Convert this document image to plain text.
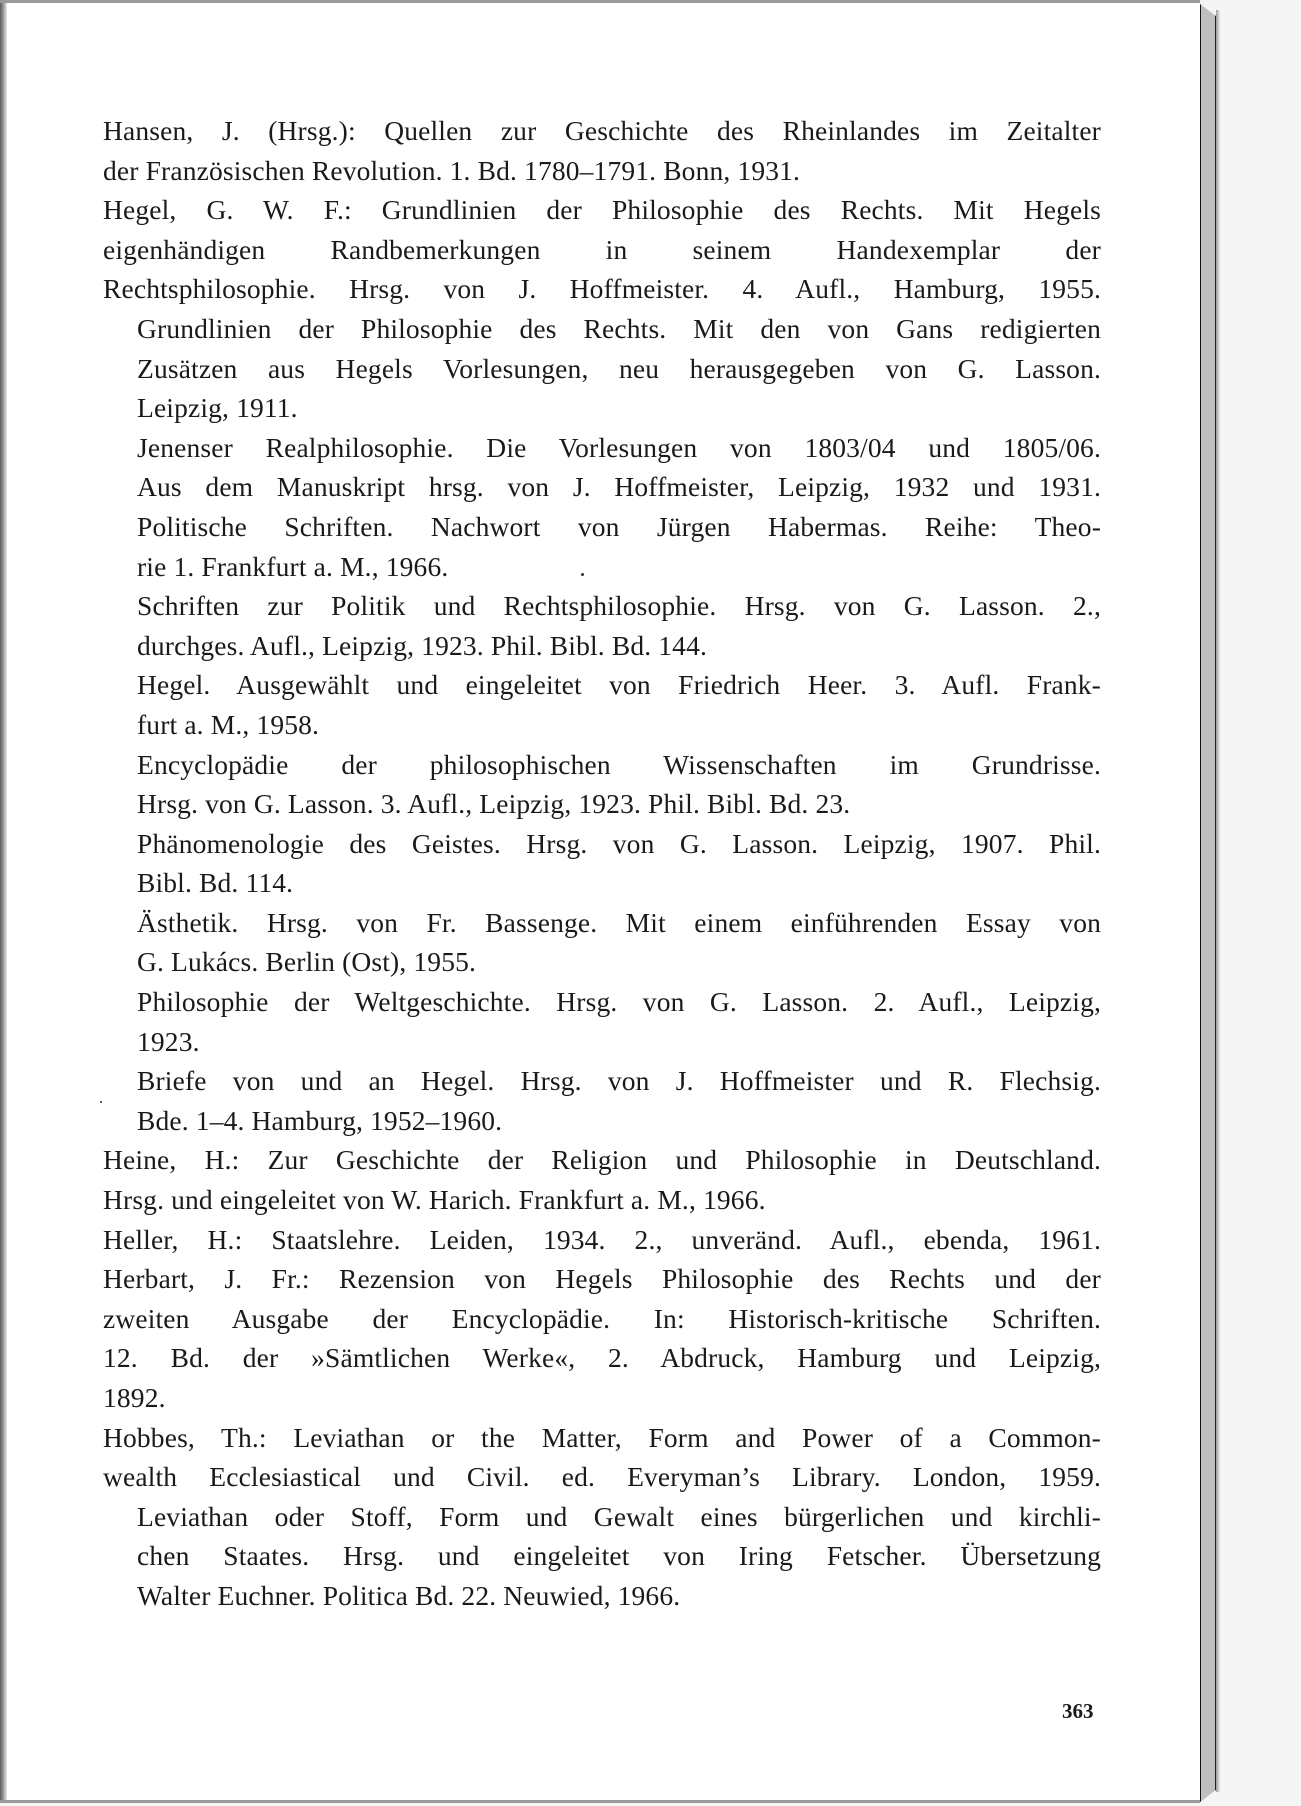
Hansen, J. (Hrsg.): Quellen zur Geschichte des Rheinlandes im Zeitalter
der Französischen Revolution. 1. Bd. 1780–1791. Bonn, 1931.
Hegel, G. W. F.: Grundlinien der Philosophie des Rechts. Mit Hegels
eigenhändigen Randbemerkungen in seinem Handexemplar der
Rechtsphilosophie. Hrsg. von J. Hoffmeister. 4. Aufl., Hamburg, 1955.
Grundlinien der Philosophie des Rechts. Mit den von Gans redigierten
Zusätzen aus Hegels Vorlesungen, neu herausgegeben von G. Lasson.
Leipzig, 1911.
Jenenser Realphilosophie. Die Vorlesungen von 1803/04 und 1805/06.
Aus dem Manuskript hrsg. von J. Hoffmeister, Leipzig, 1932 und 1931.
Politische Schriften. Nachwort von Jürgen Habermas. Reihe: Theo-
rie 1. Frankfurt a. M., 1966.
Schriften zur Politik und Rechtsphilosophie. Hrsg. von G. Lasson. 2.,
durchges. Aufl., Leipzig, 1923. Phil. Bibl. Bd. 144.
Hegel. Ausgewählt und eingeleitet von Friedrich Heer. 3. Aufl. Frank-
furt a. M., 1958.
Encyclopädie der philosophischen Wissenschaften im Grundrisse.
Hrsg. von G. Lasson. 3. Aufl., Leipzig, 1923. Phil. Bibl. Bd. 23.
Phänomenologie des Geistes. Hrsg. von G. Lasson. Leipzig, 1907. Phil.
Bibl. Bd. 114.
Ästhetik. Hrsg. von Fr. Bassenge. Mit einem einführenden Essay von
G. Lukács. Berlin (Ost), 1955.
Philosophie der Weltgeschichte. Hrsg. von G. Lasson. 2. Aufl., Leipzig,
1923.
Briefe von und an Hegel. Hrsg. von J. Hoffmeister und R. Flechsig.
Bde. 1–4. Hamburg, 1952–1960.
Heine, H.: Zur Geschichte der Religion und Philosophie in Deutschland.
Hrsg. und eingeleitet von W. Harich. Frankfurt a. M., 1966.
Heller, H.: Staatslehre. Leiden, 1934. 2., unveränd. Aufl., ebenda, 1961.
Herbart, J. Fr.: Rezension von Hegels Philosophie des Rechts und der
zweiten Ausgabe der Encyclopädie. In: Historisch-kritische Schriften.
12. Bd. der »Sämtlichen Werke«, 2. Abdruck, Hamburg und Leipzig,
1892.
Hobbes, Th.: Leviathan or the Matter, Form and Power of a Common-
wealth Ecclesiastical und Civil. ed. Everyman’s Library. London, 1959.
Leviathan oder Stoff, Form und Gewalt eines bürgerlichen und kirchli-
chen Staates. Hrsg. und eingeleitet von Iring Fetscher. Übersetzung
Walter Euchner. Politica Bd. 22. Neuwied, 1966.
363
